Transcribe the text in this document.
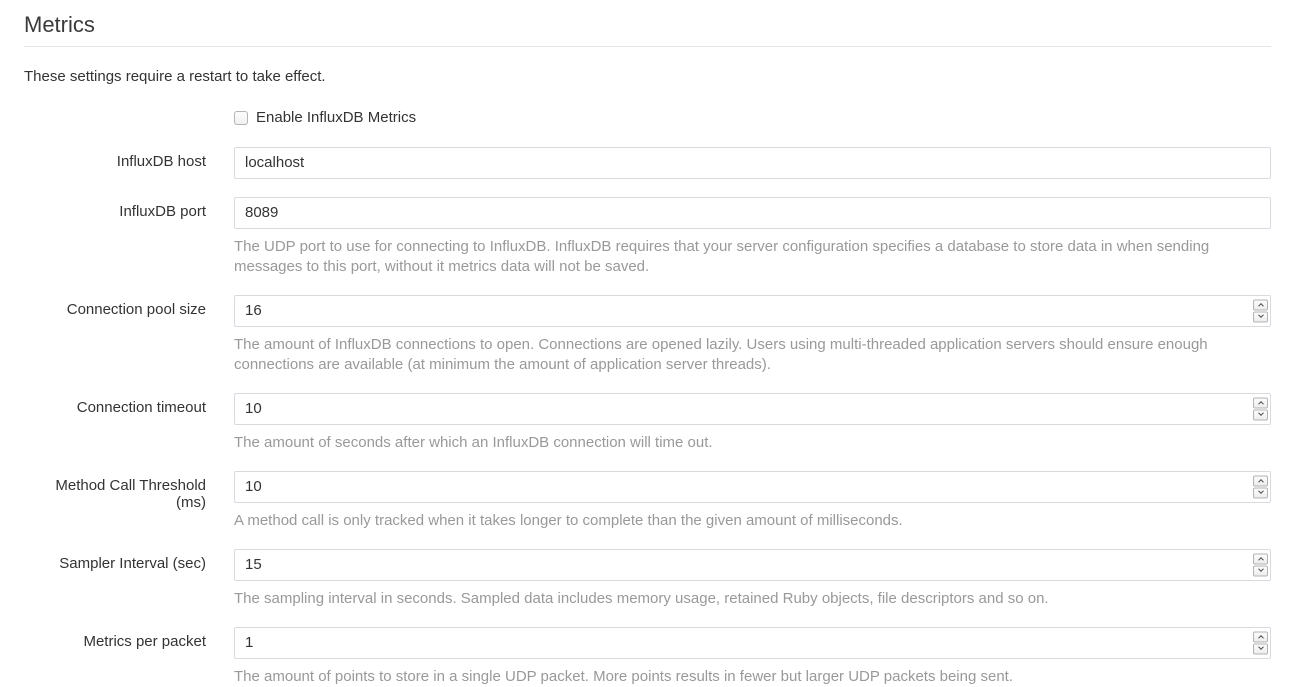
Metrics

These settings require a restart to take effect.

Enable InfluxDB Metrics
InfluxDB host
localhost
InfluxDB port
8089

The UDP port to use for connecting to InfluxDB. InfluxDB requires that your server configuration specifies a database to store data in when sending messages to this port, without it metrics data will not be saved.

Connection pool size
16

The amount of InfluxDB connections to open. Connections are opened lazily. Users using multi-threaded application servers should ensure enough connections are available (at minimum the amount of application server threads).

Connection timeout
10

The amount of seconds after which an InfluxDB connection will time out.

Method Call Threshold (ms)
10

A method call is only tracked when it takes longer to complete than the given amount of milliseconds.

Sampler Interval (sec)
15

The sampling interval in seconds. Sampled data includes memory usage, retained Ruby objects, file descriptors and so on.

Metrics per packet
1

The amount of points to store in a single UDP packet. More points results in fewer but larger UDP packets being sent.
